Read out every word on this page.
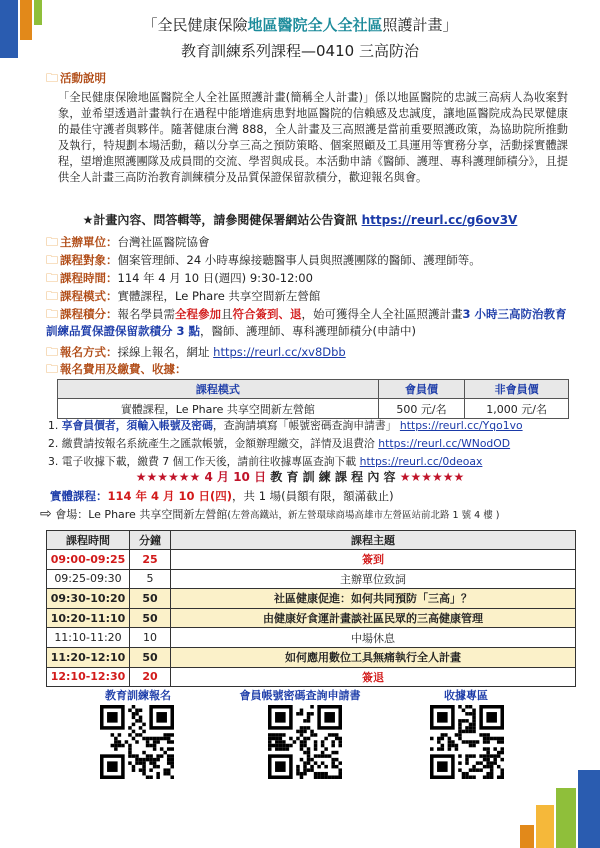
「全民健康保險地區醫院全人全社區照護計畫」
教育訓練系列課程—0410 三高防治
🗀 活動說明
「全民健康保險地區醫院全人全社區照護計畫(簡稱全人計畫)」係以地區醫院的忠誠三高病人為收案對象，並希望透過計畫執行在過程中能增進病患對地區醫院的信賴感及忠誠度，讓地區醫院成為民眾健康的最佳守護者與夥伴。隨著健康台灣 888，全人計畫及三高照護是當前重要照護政策，為協助院所推動及執行，特規劃本場活動，藉以分享三高之預防策略、個案照顧及工具運用等實務分享，活動採實體課程，望增進照護團隊及成員間的交流、學習與成長。本活動申請《醫師、護理、專科護理師積分》，且提供全人計畫三高防治教育訓練積分及品質保證保留款積分，歡迎報名與會。
★計畫內容、問答輯等，請參閱健保署網站公告資訊 https://reurl.cc/g6ov3V
🗀 主辦單位：台灣社區醫院協會
🗀 課程對象：個案管理師、24 小時專線接聽醫事人員與照護團隊的醫師、護理師等。
🗀 課程時間：114 年 4 月 10 日(週四) 9:30-12:00
🗀 課程模式：實體課程，Le Phare 共享空間新左營館
🗀 課程積分：報名學員需全程參加且符合簽到、退，始可獲得全人全社區照護計畫3 小時三高防治教育訓練品質保證保留款積分 3 點，醫師、護理師、專科護理師積分(申請中)
🗀 報名方式：採線上報名，網址 https://reurl.cc/xv8Dbb
🗀 報名費用及繳費、收據：
課程模式	會員價	非會員價
實體課程，Le Phare 共享空間新左營館	500 元/名	1,000 元/名
1. 享會員價者，須輸入帳號及密碼，查詢請填寫「帳號密碼查詢申請書」 https://reurl.cc/Yqo1vo
2. 繳費請按報名系統產生之匯款帳號，金額辦理繳交，詳情及退費洽 https://reurl.cc/WNodOD
3. 電子收據下載，繳費 7 個工作天後，請前往收據專區查詢下載 https://reurl.cc/0deoax
★★★★★★ 4 月 10 日 教 育 訓 練 課 程 內 容 ★★★★★★
實體課程：114 年 4 月 10 日(四)，共 1 場(員額有限，額滿截止)
⇨ 會場：Le Phare 共享空間新左營館(左營高鐵站，新左營環球商場高雄市左營區站前北路 1 號 4 樓 )
課程時間	分鐘	課程主題
09:00-09:25	25	簽到
09:25-09:30	5	主辦單位致詞
09:30-10:20	50	社區健康促進：如何共同預防「三高」？
10:20-11:10	50	由健康好食運計畫談社區民眾的三高健康管理
11:10-11:20	10	中場休息
11:20-12:10	50	如何應用數位工具無痛執行全人計畫
12:10-12:30	20	簽退
教育訓練報名	會員帳號密碼查詢申請書	收據專區
